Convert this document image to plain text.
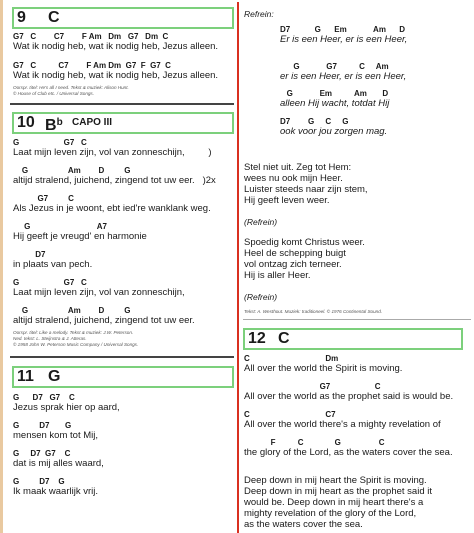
9 C
G7   C        C7        F Am   Dm   G7   Dm  C
Wat ik nodig heb, wat ik nodig heb, Jezus alleen.
G7   C          C7        F Am Dm  G7  F  G7  C
Wat ik nodig heb, wat ik nodig heb, Jezus alleen.
Oorspr. titel: He's all I need. Tekst & muziek: Alison Hunt.
© House of Club etc. / Universal Songs.
10 $B^b$ CAPO III
G                    G7   C
Laat mijn leven zijn, vol van zonneschijn,         )
G                  Am        D         G
altijd stralend, juichend, zingend tot uw eer.   )2x
G7         C
Als Jezus in je woont, ebt ied're wanklank weg.
G                              A7
Hij geeft je vreugd' en harmonie
D7
in plaats van pech.
G                    G7   C
Laat mijn leven zijn, vol van zonneschijn,
G                  Am        D         G
altijd stralend, juichend, zingend tot uw eer.
Oorspr. titel: Like a melody. Tekst & muziek: J.W. Peterson.
Ned. tekst: L. Steijnstra & J. Atteras.
© 1958 John W. Peterson Music Company / Universal Songs.
11 G
G      D7   G7    C
Jezus sprak hier op aard,
G         D7       G
mensen kom tot Mij,
G     D7  G7    C
dat is mij alles waard,
G         D7    G
Ik maak waarlijk vrij.
Refrein:
D7           G      Em            Am      D
Er is een Heer, er is een Heer,
G            G7          C     Am
er is een Heer, er is een Heer,
G            Em          Am       D
alleen Hij wacht, totdat Hij
D7        G     C     G
ook voor jou zorgen mag.
Stel niet uit. Zeg tot Hem:
wees nu ook mijn Heer.
Luister steeds naar zijn stem,
Hij geeft leven weer.
(Refrein)
Spoedig komt Christus weer.
Heel de schepping buigt
vol ontzag zich terneer.
Hij is aller Heer.
(Refrein)
Tekst: A. Westhout. Muziek: traditioneel. © 1976 Continental Sound.
12 C
C                                  Dm
All over the world the Spirit is moving.
G7                    C
All over the world as the prophet said is would be.
C                                  C7
All over the world there's a mighty revelation of
F          C              G                 C
the glory of the Lord, as the waters cover the sea.
Deep down in mij heart the Spirit is moving.
Deep down in mij heart as the prophet said it
would be. Deep down in mij heart there's a
mighty revelation of the glory of the Lord,
as the waters cover the sea.
